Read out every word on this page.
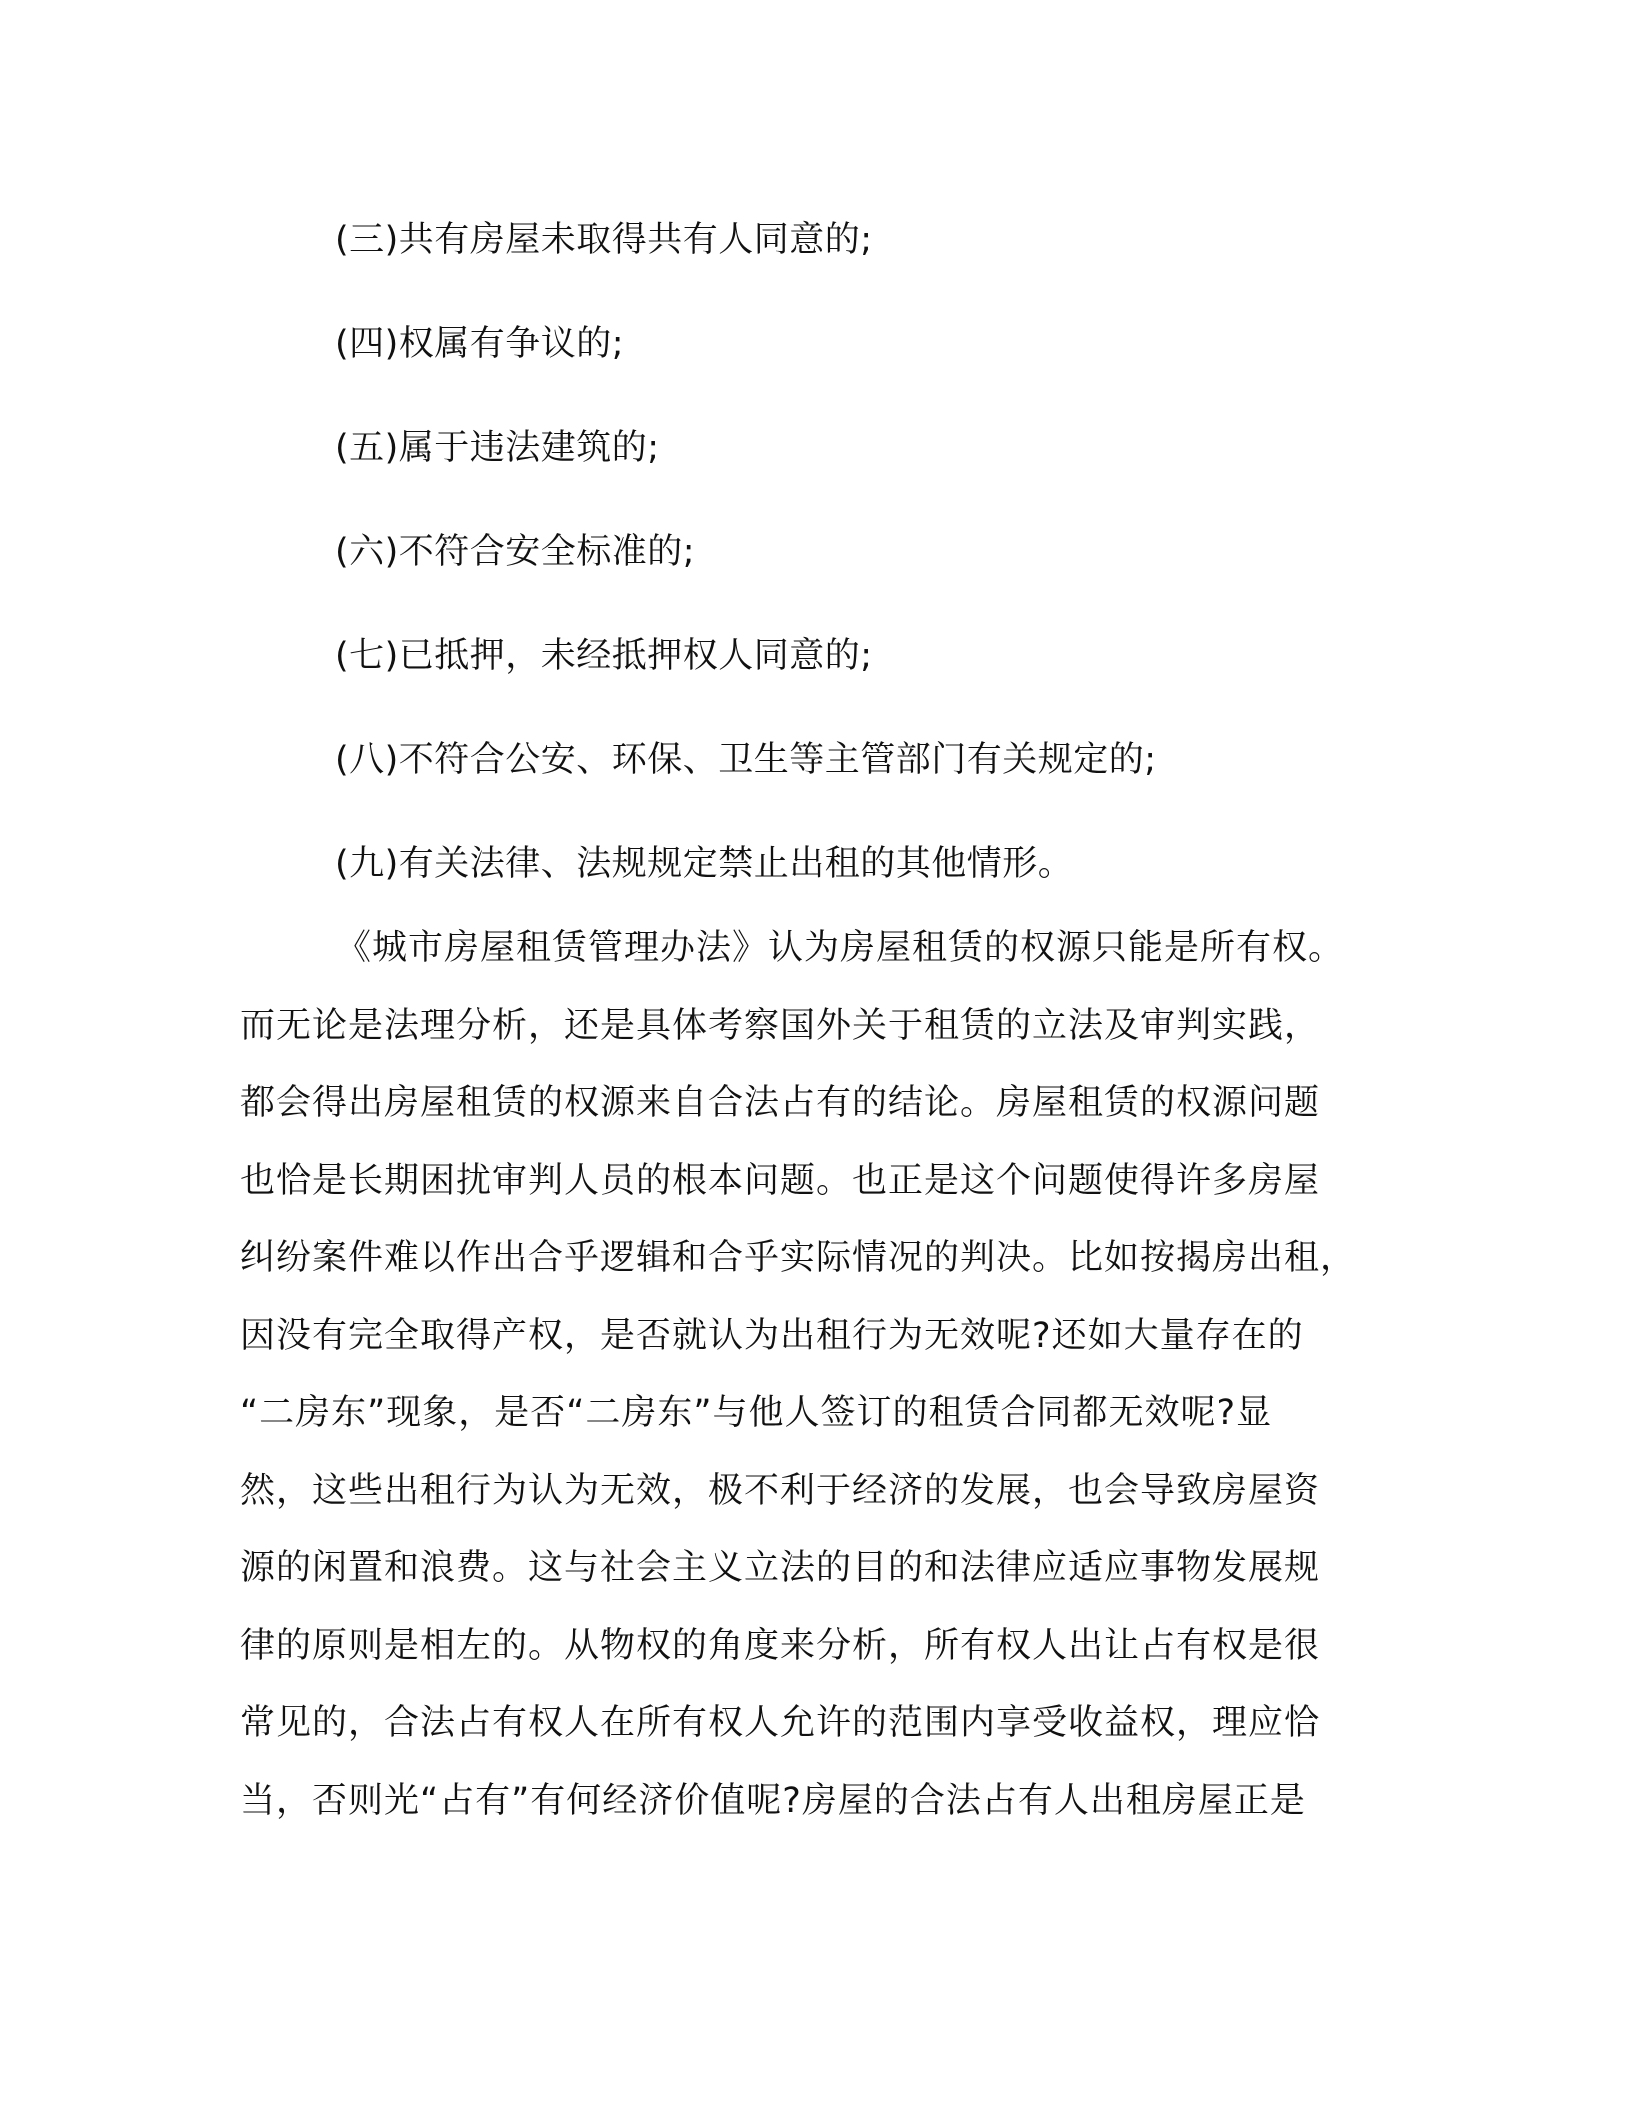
(三)共有房屋未取得共有人同意的;
(四)权属有争议的;
(五)属于违法建筑的;
(六)不符合安全标准的;
(七)已抵押，未经抵押权人同意的;
(八)不符合公安、环保、卫生等主管部门有关规定的;
(九)有关法律、法规规定禁止出租的其他情形。

《城市房屋租赁管理办法》认为房屋租赁的权源只能是所有权。
而无论是法理分析，还是具体考察国外关于租赁的立法及审判实践，
都会得出房屋租赁的权源来自合法占有的结论。房屋租赁的权源问题
也恰是长期困扰审判人员的根本问题。也正是这个问题使得许多房屋
纠纷案件难以作出合乎逻辑和合乎实际情况的判决。比如按揭房出租，
因没有完全取得产权，是否就认为出租行为无效呢?还如大量存在的
“二房东”现象，是否“二房东”与他人签订的租赁合同都无效呢?显
然，这些出租行为认为无效，极不利于经济的发展，也会导致房屋资
源的闲置和浪费。这与社会主义立法的目的和法律应适应事物发展规
律的原则是相左的。从物权的角度来分析，所有权人出让占有权是很
常见的，合法占有权人在所有权人允许的范围内享受收益权，理应恰
当，否则光“占有”有何经济价值呢?房屋的合法占有人出租房屋正是
